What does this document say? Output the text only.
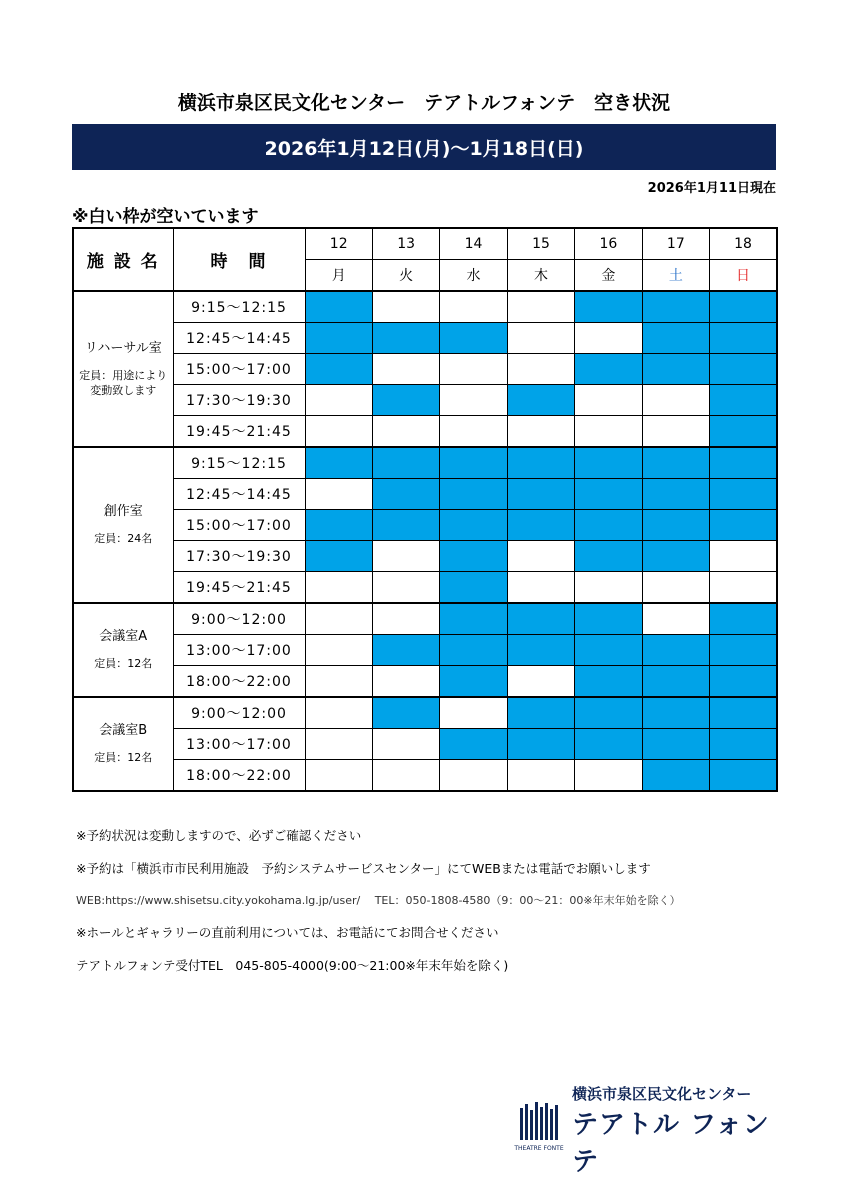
横浜市泉区民文化センター　テアトルフォンテ　空き状況
2026年1月12日(月)～1月18日(日)
2026年1月11日現在
※白い枠が空いています
施 設 名	時　間	12	13	14	15	16	17	18
		月	火	水	木	金	土	日

リハーサル室
定員：用途により変動致します	9:15～12:15							
	12:45～14:45							
	15:00～17:00							
	17:30～19:30							
	19:45～21:45							

創作室
定員：24名	9:15～12:15							
	12:45～14:45							
	15:00～17:00							
	17:30～19:30							
	19:45～21:45							

会議室A
定員：12名	9:00～12:00							
	13:00～17:00							
	18:00～22:00							

会議室B
定員：12名	9:00～12:00							
	13:00～17:00							
	18:00～22:00							
※予約状況は変動しますので、必ずご確認ください
※予約は「横浜市市民利用施設　予約システムサービスセンター」にてWEBまたは電話でお願いします
WEB:https://www.shisetsu.city.yokohama.lg.jp/user/　 TEL：050-1808-4580（9：00～21：00※年末年始を除く）
※ホールとギャラリーの直前利用については、お電話にてお問合せください
テアトルフォンテ受付TEL　045-805-4000(9:00～21:00※年末年始を除く)
THEATRE FONTE
横浜市泉区民文化センター
テアトル フォンテ
